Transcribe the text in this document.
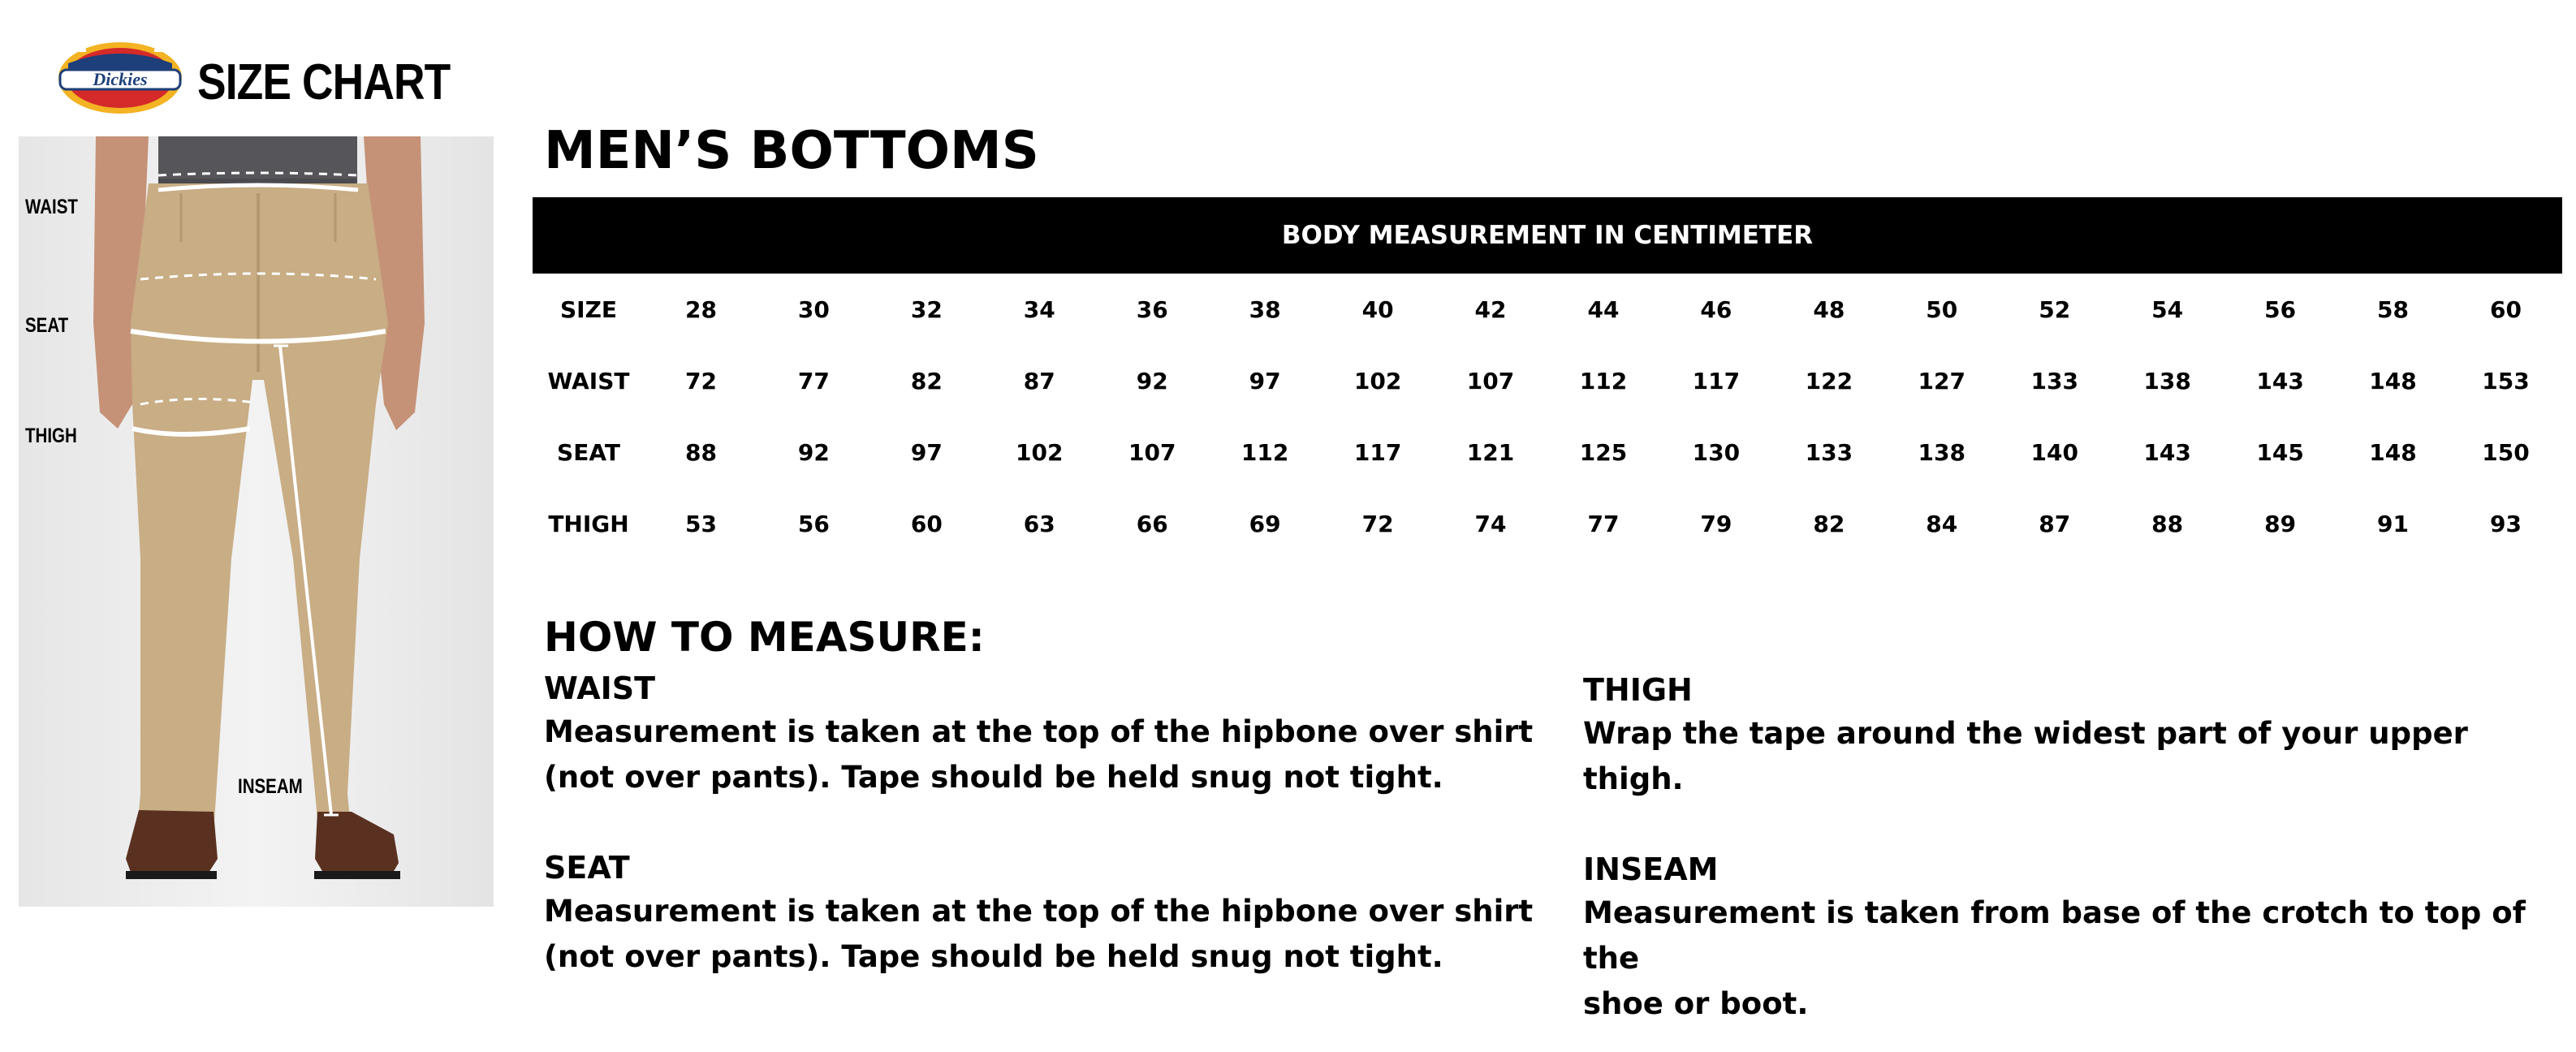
Dickies SIZE CHART
WAIST
SEAT
THIGH
INSEAM
MEN’S BOTTOMS
BODY MEASUREMENT IN CENTIMETER
SIZE	28	30	32	34	36	38	40	42	44	46	48	50	52	54	56	58	60
WAIST	72	77	82	87	92	97	102	107	112	117	122	127	133	138	143	148	153
SEAT	88	92	97	102	107	112	117	121	125	130	133	138	140	143	145	148	150
THIGH	53	56	60	63	66	69	72	74	77	79	82	84	87	88	89	91	93
HOW TO MEASURE:
WAIST
Measurement is taken at the top of the hipbone over shirt
(not over pants). Tape should be held snug not tight.
SEAT
Measurement is taken at the top of the hipbone over shirt
(not over pants). Tape should be held snug not tight.
THIGH
Wrap the tape around the widest part of your upper thigh.
INSEAM
Measurement is taken from base of the crotch to top of the
shoe or boot.
